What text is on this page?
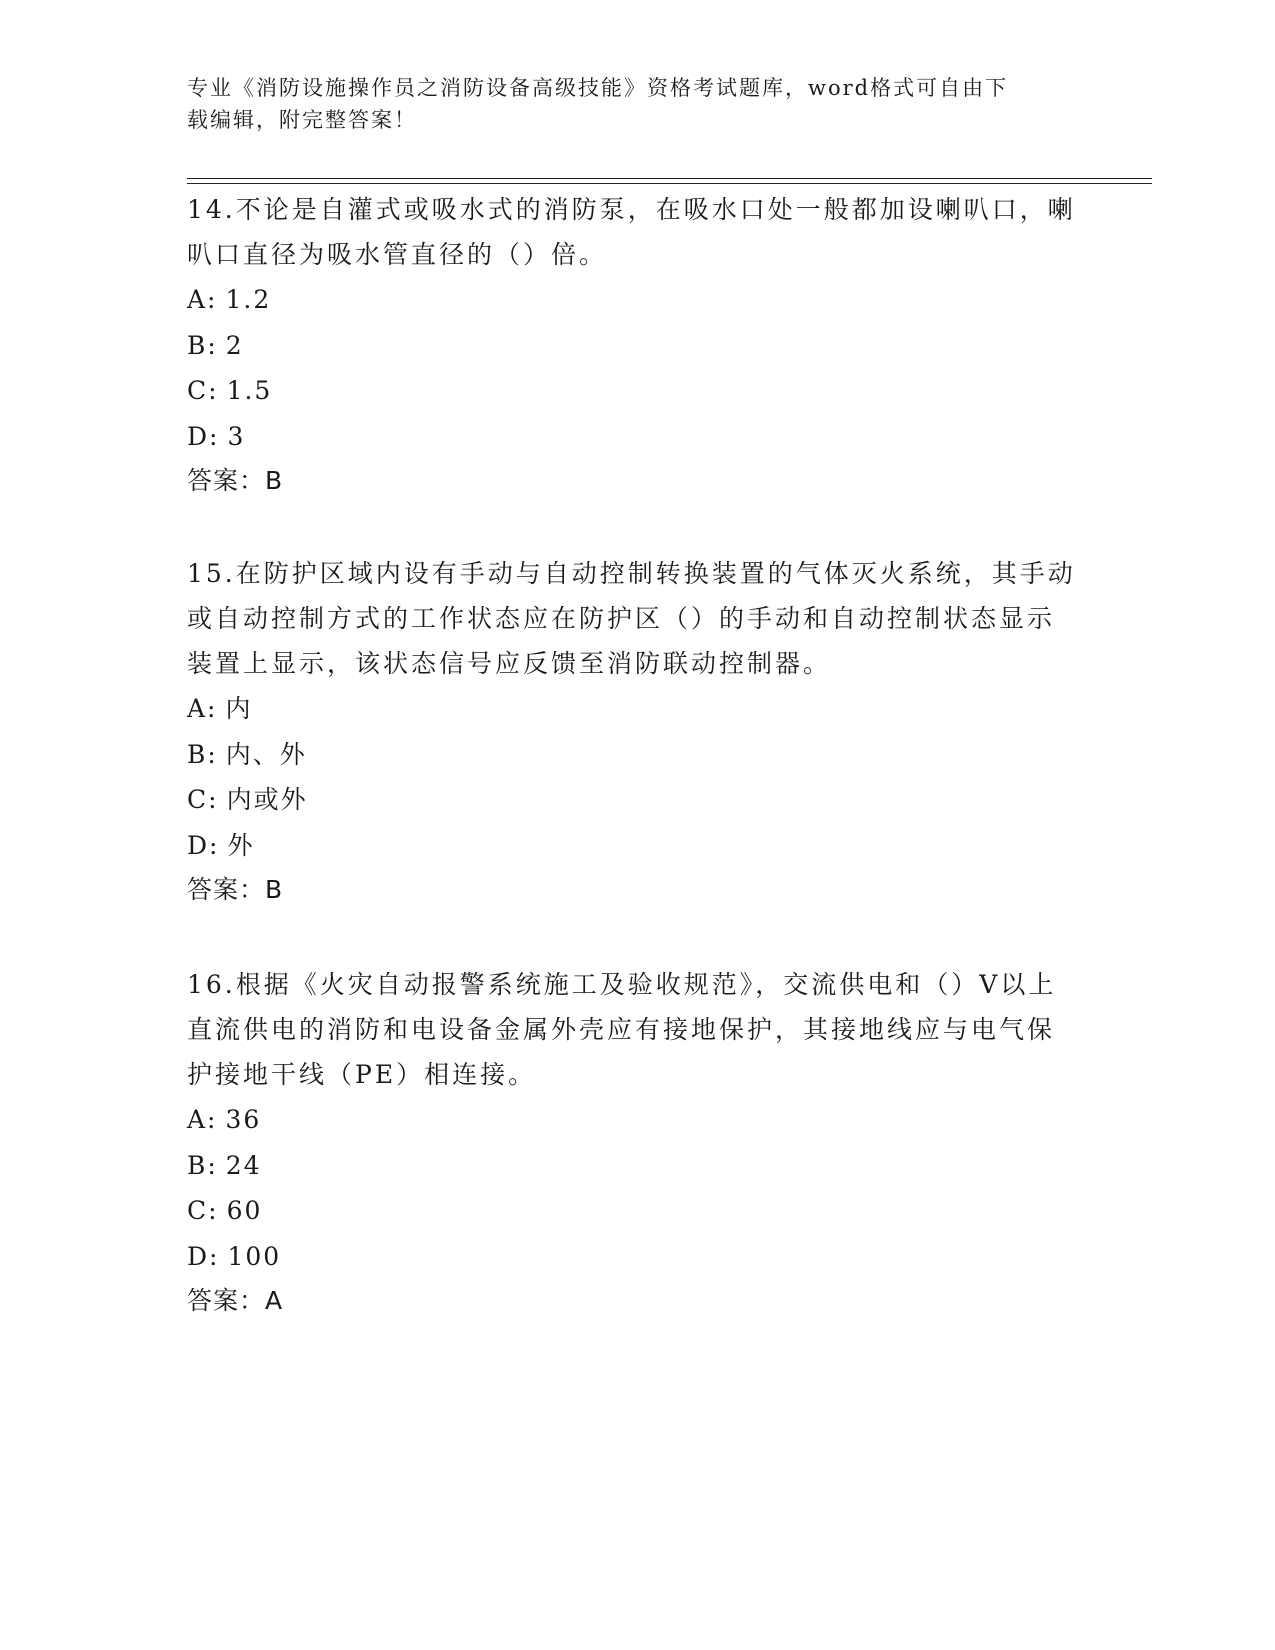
专业《消防设施操作员之消防设备高级技能》资格考试题库，word格式可自由下
载编辑，附完整答案！

14.不论是自灌式或吸水式的消防泵，在吸水口处一般都加设喇叭口，喇叭口直径为吸水管直径的（）倍。

A: 1.2

B: 2

C: 1.5

D: 3

答案：B

15.在防护区域内设有手动与自动控制转换装置的气体灭火系统，其手动或自动控制方式的工作状态应在防护区（）的手动和自动控制状态显示装置上显示，该状态信号应反馈至消防联动控制器。

A: 内

B: 内、外

C: 内或外

D: 外

答案：B

16.根据《火灾自动报警系统施工及验收规范》，交流供电和（）V以上直流供电的消防和电设备金属外壳应有接地保护，其接地线应与电气保护接地干线（PE）相连接。

A: 36

B: 24

C: 60

D: 100

答案：A
